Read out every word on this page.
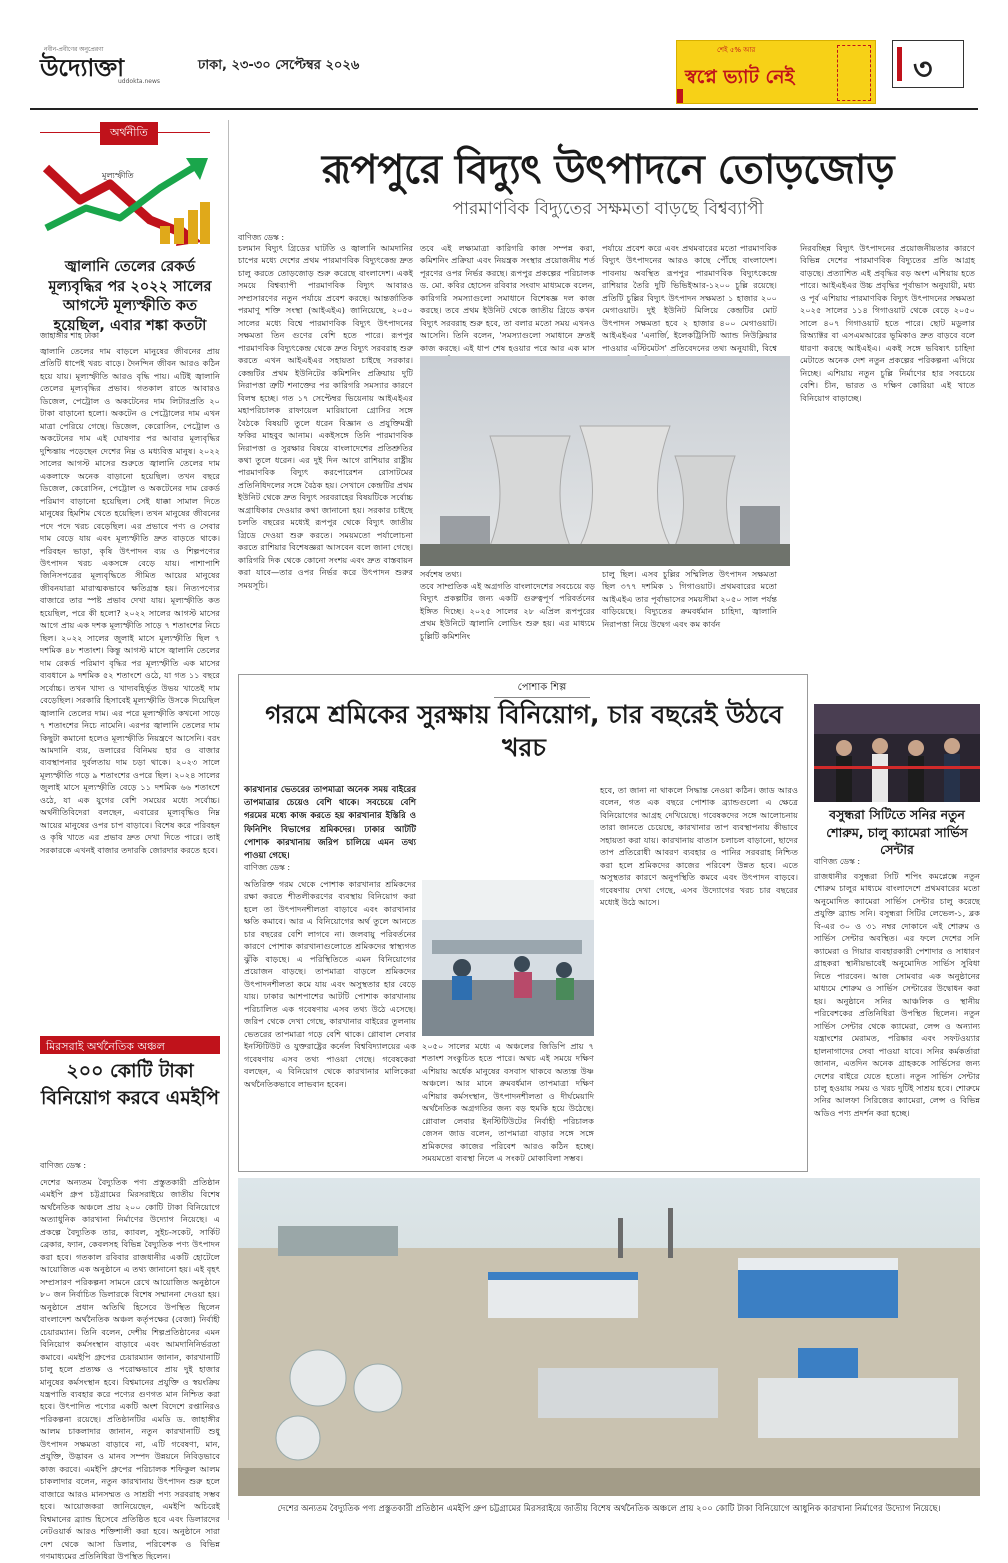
নবীন-প্রবীণের অনুপ্রেরণা
উদ্যোক্তা
uddokta.news
ঢাকা, ২৩-৩০ সেপ্টেম্বর ২০২৬
শেই ৫% আর
স্বপ্নে ভ্যাট নেই	৩
অর্থনীতি
মূল্যস্ফীতি
জ্বালানি তেলের রেকর্ড মূল্যবৃদ্ধির পর ২০২২ সালের আগস্টে মূল্যস্ফীতি কত হয়েছিল, এবার শঙ্কা কতটা
জাহাঙ্গীর শাহ ঢাকা
জ্বালানি তেলের দাম বাড়লে মানুষের জীবনের প্রায় প্রতিটি ধাপেই খরচ বাড়ে। দৈনন্দিন জীবন আরও কঠিন হয়ে যায়। মূল্যস্ফীতি আরও বৃদ্ধি পায়। এটিই জ্বালানি তেলের মূল্যবৃদ্ধির প্রভাব। গতকাল রাতে আবারও ডিজেল, পেট্রোল ও অকটেনের দাম লিটারপ্রতি ২০ টাকা বাড়ানো হলো। অকটেন ও পেট্রোলের দাম এখন মাত্রা পেরিয়ে গেছে। ডিজেল, কেরোসিন, পেট্রোল ও অকটেনের দাম এই ঘোষণার পর আবার মূল্যবৃদ্ধির দুশ্চিন্তায় পড়েছেন দেশের নিম্ন ও মধ্যবিত্ত মানুষ। ২০২২ সালের আগস্ট মাসের শুরুতে জ্বালানি তেলের দাম একলাফে অনেক বাড়ানো হয়েছিল। তখন বছরে ডিজেল, কেরোসিন, পেট্রোল ও অকটেনের দাম রেকর্ড পরিমাণ বাড়ানো হয়েছিল। সেই ধাক্কা সামাল দিতে মানুষের হিমশিম খেতে হয়েছিল। তখন মানুষের জীবনের পদে পদে খরচ বেড়েছিল। এর প্রভাবে পণ্য ও সেবার দাম বেড়ে যায় এবং মূল্যস্ফীতি দ্রুত বাড়তে থাকে। পরিবহন ভাড়া, কৃষি উৎপাদন ব্যয় ও শিল্পপণ্যের উৎপাদন খরচ একসঙ্গে বেড়ে যায়। পাশাপাশি জিনিসপত্রের মূল্যবৃদ্ধিতে সীমিত আয়ের মানুষের জীবনযাত্রা মারাত্মকভাবে ক্ষতিগ্রস্ত হয়। নিত্যপণ্যের বাজারে তার স্পষ্ট প্রভাব দেখা যায়। মূল্যস্ফীতি কত হয়েছিল, পরে কী হলো? ২০২২ সালের আগস্ট মাসের আগে প্রায় এক দশক মূল্যস্ফীতি সাড়ে ৭ শতাংশের নিচে ছিল। ২০২২ সালের জুলাই মাসে মূল্যস্ফীতি ছিল ৭ দশমিক ৪৮ শতাংশ। কিন্তু আগস্ট মাসে জ্বালানি তেলের দাম রেকর্ড পরিমাণ বৃদ্ধির পর মূল্যস্ফীতি এক মাসের ব্যবধানে ৯ দশমিক ৫২ শতাংশে ওঠে, যা গত ১১ বছরে সর্বোচ্চ। তখন খাদ্য ও খাদ্যবহির্ভূত উভয় খাতেই দাম বেড়েছিল। সরকারি হিসাবেই মূল্যস্ফীতি উসকে দিয়েছিল জ্বালানি তেলের দাম। এর পরে মূল্যস্ফীতি কখনো সাড়ে ৭ শতাংশের নিচে নামেনি। এরপর জ্বালানি তেলের দাম কিছুটা কমানো হলেও মূল্যস্ফীতি নিয়ন্ত্রণে আসেনি। বরং আমদানি ব্যয়, ডলারের বিনিময় হার ও বাজার ব্যবস্থাপনার দুর্বলতায় দাম চড়া থাকে। ২০২৩ সালে মূল্যস্ফীতি গড়ে ৯ শতাংশের ওপরে ছিল। ২০২৪ সালের জুলাই মাসে মূল্যস্ফীতি বেড়ে ১১ দশমিক ৬৬ শতাংশে ওঠে, যা এক যুগের বেশি সময়ের মধ্যে সর্বোচ্চ। অর্থনীতিবিদেরা বলছেন, এবারের মূল্যবৃদ্ধিও নিম্ন আয়ের মানুষের ওপর চাপ বাড়াবে। বিশেষ করে পরিবহন ও কৃষি খাতে এর প্রভাব দ্রুত দেখা দিতে পারে। তাই সরকারকে এখনই বাজার তদারকি জোরদার করতে হবে।
মিরসরাই অর্থনৈতিক অঞ্চল
২০০ কোটি টাকা বিনিয়োগ করবে এমইপি
বাণিজ্য ডেস্ক :
দেশের অন্যতম বৈদ্যুতিক পণ্য প্রস্তুতকারী প্রতিষ্ঠান এমইপি গ্রুপ চট্টগ্রামের মিরসরাইয়ে জাতীয় বিশেষ অর্থনৈতিক অঞ্চলে প্রায় ২০০ কোটি টাকা বিনিয়োগে অত্যাধুনিক কারখানা নির্মাণের উদ্যোগ নিয়েছে। এ প্রকল্পে বৈদ্যুতিক তার, ক্যাবল, সুইচ-সকেট, সার্কিট ব্রেকার, ফ্যান, কেবলসহ বিভিন্ন বৈদ্যুতিক পণ্য উৎপাদন করা হবে। গতকাল রবিবার রাজধানীর একটি হোটেলে আয়োজিত এক অনুষ্ঠানে এ তথ্য জানানো হয়। এই বৃহৎ সম্প্রসারণ পরিকল্পনা সামনে রেখে আয়োজিত অনুষ্ঠানে ৮০ জন নির্বাচিত ডিলারকে বিশেষ সম্মাননা দেওয়া হয়। অনুষ্ঠানে প্রধান অতিথি হিসেবে উপস্থিত ছিলেন বাংলাদেশ অর্থনৈতিক অঞ্চল কর্তৃপক্ষের (বেজা) নির্বাহী চেয়ারম্যান। তিনি বলেন, দেশীয় শিল্পপ্রতিষ্ঠানের এমন বিনিয়োগ কর্মসংস্থান বাড়াবে এবং আমদানিনির্ভরতা কমাবে। এমইপি গ্রুপের চেয়ারম্যান জানান, কারখানাটি চালু হলে প্রত্যক্ষ ও পরোক্ষভাবে প্রায় দুই হাজার মানুষের কর্মসংস্থান হবে। বিশ্বমানের প্রযুক্তি ও স্বয়ংক্রিয় যন্ত্রপাতি ব্যবহার করে পণ্যের গুণগত মান নিশ্চিত করা হবে। উৎপাদিত পণ্যের একটি অংশ বিদেশে রপ্তানিরও পরিকল্পনা রয়েছে। প্রতিষ্ঠানটির এমডি ড. জাহাঙ্গীর আলম চাকলাদার জানান, নতুন কারখানাটি শুধু উৎপাদন সক্ষমতা বাড়াবে না, এটি গবেষণা, মান, প্রযুক্তি, উদ্ভাবন ও মানব সম্পদ উন্নয়নে নিবিড়ভাবে কাজ করবে। এমইপি গ্রুপের পরিচালক শফিকুল আলম চাকলাদার বলেন, নতুন কারখানায় উৎপাদন শুরু হলে বাজারে আরও মানসম্মত ও সাশ্রয়ী পণ্য সরবরাহ সম্ভব হবে। আয়োজকরা জানিয়েছেন, এমইপি অচিরেই বিশ্বমানের ব্র্যান্ড হিসেবে প্রতিষ্ঠিত হবে এবং ডিলারদের নেটওয়ার্ক আরও শক্তিশালী করা হবে। অনুষ্ঠানে সারা দেশ থেকে আসা ডিলার, পরিবেশক ও বিভিন্ন গণমাধ্যমের প্রতিনিধিরা উপস্থিত ছিলেন।
রূপপুরে বিদ্যুৎ উৎপাদনে তোড়জোড়
পারমাণবিক বিদ্যুতের সক্ষমতা বাড়ছে বিশ্বব্যাপী
বাণিজ্য ডেস্ক :
চলমান বিদ্যুৎ গ্রিডের ঘাটতি ও জ্বালানি আমদানির চাপের মধ্যে দেশের প্রথম পারমাণবিক বিদ্যুৎকেন্দ্র দ্রুত চালু করতে তোড়জোড় শুরু করেছে বাংলাদেশ। একই সময়ে বিশ্বব্যাপী পারমাণবিক বিদ্যুৎ আবারও সম্প্রসারণের নতুন পর্যায়ে প্রবেশ করছে। আন্তর্জাতিক পরমাণু শক্তি সংস্থা (আইএইএ) জানিয়েছে, ২০৫০ সালের মধ্যে বিশ্বে পারমাণবিক বিদ্যুৎ উৎপাদনের সক্ষমতা তিন গুণের বেশি হতে পারে। রূপপুর পারমাণবিক বিদ্যুৎকেন্দ্র থেকে দ্রুত বিদ্যুৎ সরবরাহ শুরু করতে এখন আইএইএর সহায়তা চাইছে সরকার। কেন্দ্রটির প্রথম ইউনিটের কমিশনিং প্রক্রিয়ায় দুটি নিরাপত্তা ত্রুটি শনাক্তের পর কারিগরি সমস্যার কারণে বিলম্ব হচ্ছে। গত ১৭ সেপ্টেম্বর ভিয়েনায় আইএইএর মহাপরিচালক রাফায়েল মারিয়ানো গ্রোসির সঙ্গে বৈঠকে বিষয়টি তুলে ধরেন বিজ্ঞান ও প্রযুক্তিমন্ত্রী ফকির মাহবুব আনাম। একইসঙ্গে তিনি পারমাণবিক নিরাপত্তা ও সুরক্ষার বিষয়ে বাংলাদেশের প্রতিশ্রুতির কথা তুলে ধরেন। এর দুই দিন আগে রাশিয়ার রাষ্ট্রীয় পারমাণবিক বিদ্যুৎ করপোরেশন রোসাটমের প্রতিনিধিদলের সঙ্গে বৈঠক হয়। সেখানে কেন্দ্রটির প্রথম ইউনিট থেকে দ্রুত বিদ্যুৎ সরবরাহের বিষয়টিকে সর্বোচ্চ অগ্রাধিকার দেওয়ার কথা জানানো হয়। সরকার চাইছে চলতি বছরের মধ্যেই রূপপুর থেকে বিদ্যুৎ জাতীয় গ্রিডে দেওয়া শুরু করতে। সময়মতো পর্যালোচনা করতে রাশিয়ার বিশেষজ্ঞরা আসবেন বলে জানা গেছে। কারিগরি দিক থেকে কোনো সংশয় এবং দ্রুত বাস্তবায়ন করা যাবে—তার ওপর নির্ভর করে উৎপাদন শুরুর সময়সূচি।
তবে এই লক্ষ্যমাত্রা কারিগরি কাজ সম্পন্ন করা, কমিশনিং প্রক্রিয়া এবং নিয়ন্ত্রক সংস্থার প্রয়োজনীয় শর্ত পূরণের ওপর নির্ভর করছে। রূপপুর প্রকল্পের পরিচালক ড. মো. কবির হোসেন রবিবার সংবাদ মাধ্যমকে বলেন, কারিগরি সমস্যাগুলো সমাধানে বিশেষজ্ঞ দল কাজ করছে। তবে প্রথম ইউনিট থেকে জাতীয় গ্রিডে কখন বিদ্যুৎ সরবরাহ শুরু হবে, তা বলার মতো সময় এখনও আসেনি। তিনি বলেন, 'সমস্যাগুলো সমাধানে দ্রুতই কাজ করছে। এই ধাপ শেষ হওয়ার পরে আর এক মাস
পর্যায়ে প্রবেশ করে এবং প্রথমবারের মতো পারমাণবিক বিদ্যুৎ উৎপাদনের আরও কাছে পৌঁছে বাংলাদেশ। পাবনায় অবস্থিত রূপপুর পারমাণবিক বিদ্যুৎকেন্দ্রে রাশিয়ার তৈরি দুটি ভিভিইআর-১২০০ চুল্লি রয়েছে। প্রতিটি চুল্লির বিদ্যুৎ উৎপাদন সক্ষমতা ১ হাজার ২০০ মেগাওয়াট। দুই ইউনিট মিলিয়ে কেন্দ্রটির মোট উৎপাদন সক্ষমতা হবে ২ হাজার ৪০০ মেগাওয়াট। আইএইএর 'এনার্জি, ইলেকট্রিসিটি অ্যান্ড নিউক্লিয়ার পাওয়ার এস্টিমেটস' প্রতিবেদনের তথ্য অনুযায়ী, বিশ্বে
নিরবচ্ছিন্ন বিদ্যুৎ উৎপাদনের প্রয়োজনীয়তার কারণে বিভিন্ন দেশের পারমাণবিক বিদ্যুতের প্রতি আগ্রহ বাড়ছে। প্রত্যাশিত এই প্রবৃদ্ধির বড় অংশ এশিয়ায় হতে পারে। আইএইএর উচ্চ প্রবৃদ্ধির পূর্বাভাস অনুযায়ী, মধ্য ও পূর্ব এশিয়ায় পারমাণবিক বিদ্যুৎ উৎপাদনের সক্ষমতা ২০২৫ সালের ১১৪ গিগাওয়াট থেকে বেড়ে ২০৫০ সালে ৪০৭ গিগাওয়াট হতে পারে। ছোট মডুলার রিঅ্যাক্টর বা এসএমআরের ভূমিকাও দ্রুত বাড়বে বলে ধারণা করছে আইএইএ। একই সঙ্গে ভবিষ্যৎ চাহিদা মেটাতে অনেক দেশ নতুন প্রকল্পের পরিকল্পনা এগিয়ে নিচ্ছে। এশিয়ায় নতুন চুল্লি নির্মাণের হার সবচেয়ে বেশি। চীন, ভারত ও দক্ষিণ কোরিয়া এই খাতে বিনিয়োগ বাড়াচ্ছে।
সর্বশেষ তথ্য।
তবে সাম্প্রতিক এই অগ্রগতি বাংলাদেশের সবচেয়ে বড় বিদ্যুৎ প্রকল্পটির জন্য একটি গুরুত্বপূর্ণ পরিবর্তনের ইঙ্গিত দিচ্ছে। ২০২৫ সালের ২৮ এপ্রিল রূপপুরের প্রথম ইউনিটে জ্বালানি লোডিং শুরু হয়। এর মাধ্যমে চুল্লিটি কমিশনিং
চালু ছিল। এসব চুল্লির সম্মিলিত উৎপাদন সক্ষমতা ছিল ৩৭৭ দশমিক ১ গিগাওয়াট। প্রথমবারের মতো আইএইএ তার পূর্বাভাসের সময়সীমা ২০৫০ সাল পর্যন্ত বাড়িয়েছে। বিদ্যুতের ক্রমবর্ধমান চাহিদা, জ্বালানি নিরাপত্তা নিয়ে উদ্বেগ এবং কম কার্বন
পোশাক শিল্প
গরমে শ্রমিকের সুরক্ষায় বিনিয়োগ, চার বছরেই উঠবে খরচ
কারখানার ভেতরের তাপমাত্রা অনেক সময় বাইরের তাপমাত্রার চেয়েও বেশি থাকে। সবচেয়ে বেশি গরমের মধ্যে কাজ করতে হয় কারখানার ইস্তিরি ও ফিনিশিং বিভাগের শ্রমিকদের। ঢাকার আটটি পোশাক কারখানায় জরিপ চালিয়ে এমন তথ্য পাওয়া গেছে।
বাণিজ্য ডেস্ক :
অতিরিক্ত গরম থেকে পোশাক কারখানার শ্রমিকদের রক্ষা করতে শীতলীকরণের ব্যবস্থায় বিনিয়োগ করা হলে তা উৎপাদনশীলতা বাড়াবে এবং কারখানার ক্ষতি কমাবে। আর এ বিনিয়োগের অর্থ তুলে আনতে চার বছরের বেশি লাগবে না। জলবায়ু পরিবর্তনের কারণে পোশাক কারখানাগুলোতে শ্রমিকদের স্বাস্থ্যগত ঝুঁকি বাড়ছে। এ পরিস্থিতিতে এমন বিনিয়োগের প্রয়োজন বাড়ছে। তাপমাত্রা বাড়লে শ্রমিকদের উৎপাদনশীলতা কমে যায় এবং অসুস্থতার হার বেড়ে যায়। ঢাকার আশপাশের আটটি পোশাক কারখানায় পরিচালিত এক গবেষণায় এসব তথ্য উঠে এসেছে। জরিপ থেকে দেখা গেছে, কারখানার বাইরের তুলনায় ভেতরের তাপমাত্রা গড়ে বেশি থাকে। গ্লোবাল লেবার ইনস্টিটিউট ও যুক্তরাষ্ট্রের কর্নেল বিশ্ববিদ্যালয়ের এক গবেষণায় এসব তথ্য পাওয়া গেছে। গবেষকেরা বলছেন, এ বিনিয়োগ থেকে কারখানার মালিকেরা অর্থনৈতিকভাবে লাভবান হবেন।
২০৫০ সালের মধ্যে এ অঞ্চলের জিডিপি প্রায় ৭ শতাংশ সংকুচিত হতে পারে। অথচ এই সময়ে দক্ষিণ এশিয়ায় অর্ধেক মানুষের বসবাস থাকবে অত্যন্ত উষ্ণ অঞ্চলে। আর মানে ক্রমবর্ধমান তাপমাত্রা দক্ষিণ এশিয়ার কর্মসংস্থান, উৎপাদনশীলতা ও দীর্ঘমেয়াদি অর্থনৈতিক অগ্রগতির জন্য বড় হুমকি হয়ে উঠেছে। গ্লোবাল লেবার ইনস্টিটিউটের নির্বাহী পরিচালক জেসন জাড বলেন, তাপমাত্রা বাড়ার সঙ্গে সঙ্গে শ্রমিকদের কাজের পরিবেশ আরও কঠিন হচ্ছে। সময়মতো ব্যবস্থা নিলে এ সংকট মোকাবিলা সম্ভব।
হবে, তা জানা না থাকলে সিদ্ধান্ত নেওয়া কঠিন। জাড আরও বলেন, গত এক বছরে পোশাক ব্র্যান্ডগুলো এ ক্ষেত্রে বিনিয়োগের আগ্রহ দেখিয়েছে। গবেষকদের সঙ্গে আলোচনায় তারা জানতে চেয়েছে, কারখানার তাপ ব্যবস্থাপনায় কীভাবে সহায়তা করা যায়। কারখানায় বাতাস চলাচল বাড়ানো, ছাদের তাপ প্রতিরোধী আবরণ ব্যবহার ও পানির সরবরাহ নিশ্চিত করা হলে শ্রমিকদের কাজের পরিবেশ উন্নত হবে। এতে অসুস্থতার কারণে অনুপস্থিতি কমবে এবং উৎপাদন বাড়বে। গবেষণায় দেখা গেছে, এসব উদ্যোগের খরচ চার বছরের মধ্যেই উঠে আসে।
বসুন্ধরা সিটিতে সনির নতুন শোরুম, চালু ক্যামেরা সার্ভিস সেন্টার
বাণিজ্য ডেস্ক :
রাজধানীর বসুন্ধরা সিটি শপিং কমপ্লেক্সে নতুন শোরুম চালুর মাধ্যমে বাংলাদেশে প্রথমবারের মতো অনুমোদিত ক্যামেরা সার্ভিস সেন্টার চালু করেছে প্রযুক্তি ব্র্যান্ড সনি। বসুন্ধরা সিটির লেভেল-১, ব্লক বি-এর ৩০ ও ৩১ নম্বর দোকানে এই শোরুম ও সার্ভিস সেন্টার অবস্থিত। এর ফলে দেশের সনি ক্যামেরা ও গিয়ার ব্যবহারকারী পেশাদার ও সাধারণ গ্রাহকরা স্থানীয়ভাবেই অনুমোদিত সার্ভিস সুবিধা নিতে পারবেন। আজ সোমবার এক অনুষ্ঠানের মাধ্যমে শোরুম ও সার্ভিস সেন্টারের উদ্বোধন করা হয়। অনুষ্ঠানে সনির আঞ্চলিক ও স্থানীয় পরিবেশকের প্রতিনিধিরা উপস্থিত ছিলেন। নতুন সার্ভিস সেন্টার থেকে ক্যামেরা, লেন্স ও অন্যান্য যন্ত্রাংশের মেরামত, পরিষ্কার এবং সফটওয়্যার হালনাগাদের সেবা পাওয়া যাবে। সনির কর্মকর্তারা জানান, এতদিন অনেক গ্রাহককে সার্ভিসের জন্য দেশের বাইরে যেতে হতো। নতুন সার্ভিস সেন্টার চালু হওয়ায় সময় ও খরচ দুটিই সাশ্রয় হবে। শোরুমে সনির আলফা সিরিজের ক্যামেরা, লেন্স ও বিভিন্ন অডিও পণ্য প্রদর্শন করা হচ্ছে।
দেশের অন্যতম বৈদ্যুতিক পণ্য প্রস্তুতকারী প্রতিষ্ঠান এমইপি গ্রুপ চট্টগ্রামের মিরসরাইয়ে জাতীয় বিশেষ অর্থনৈতিক অঞ্চলে প্রায় ২০০ কোটি টাকা বিনিয়োগে আধুনিক কারখানা নির্মাণের উদ্যোগ নিয়েছে।
